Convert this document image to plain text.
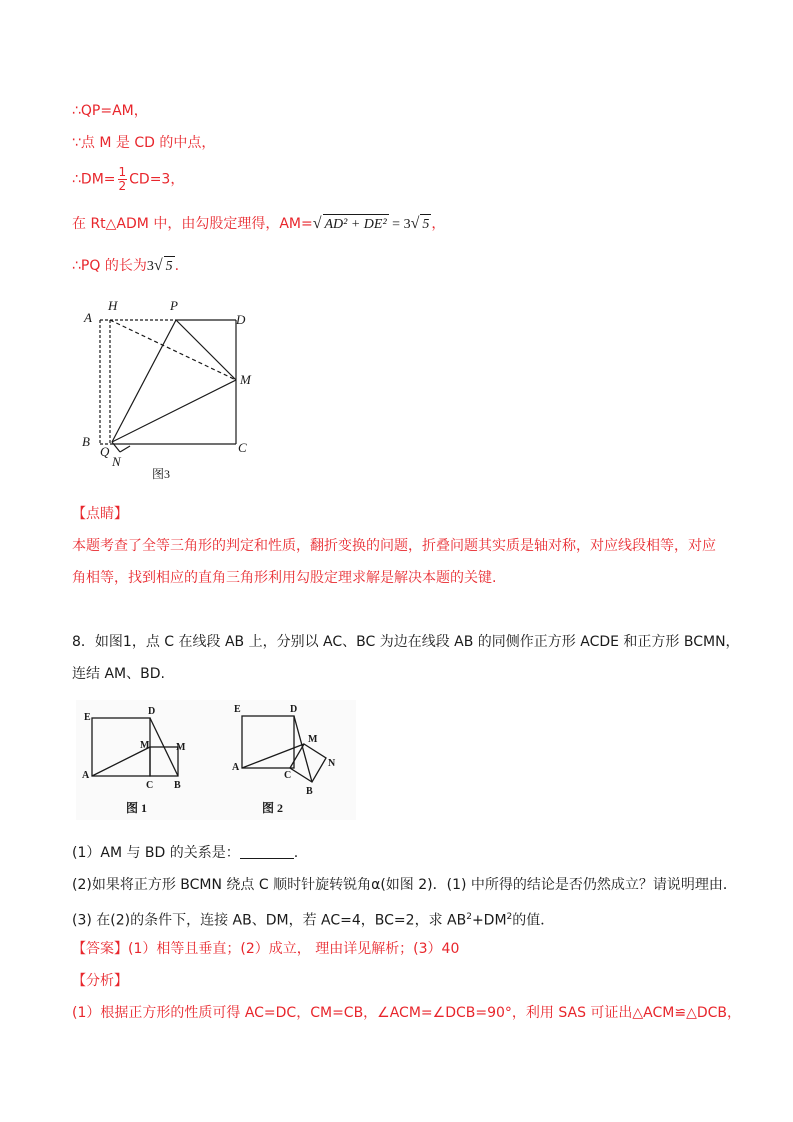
∴QP=AM，
∵点 M 是 CD 的中点，
∴DM= $\frac{1}{2} CD=3$，
在 Rt△ADM 中，由勾股定理得，AM=√ AD² + DE² = 3√ 5 ，
∴PQ 的长为3√ 5 .
A
H	P
D
M
B
Q
N
C
图3
【点睛】
本题考查了全等三角形的判定和性质，翻折变换的问题，折叠问题其实质是轴对称，对应线段相等，对应
角相等，找到相应的直角三角形利用勾股定理求解是解决本题的关键.
8．如图1，点 C 在线段 AB 上，分别以 AC、BC 为边在线段 AB 的同侧作正方形 ACDE 和正方形 BCMN，
连结 AM、BD.
E
D
M	M
A
C B
E	D
M
A
C
N
B
图 1	图 2
(1）AM 与 BD 的关系是：	.
(2)如果将正方形 BCMN 绕点 C 顺时针旋转锐角α(如图 2)．(1) 中所得的结论是否仍然成立？请说明理由．
(3) 在(2)的条件下，连接 AB、DM，若 AC=4，BC=2，求 $AB^2+DM^2$的值．
【答案】(1）相等且垂直；(2）成立， 理由详见解析；(3）40
【分析】
(1）根据正方形的性质可得 AC=DC，CM=CB，∠ACM=∠DCB=90°，利用 SAS 可证出△ACM≌△DCB，
